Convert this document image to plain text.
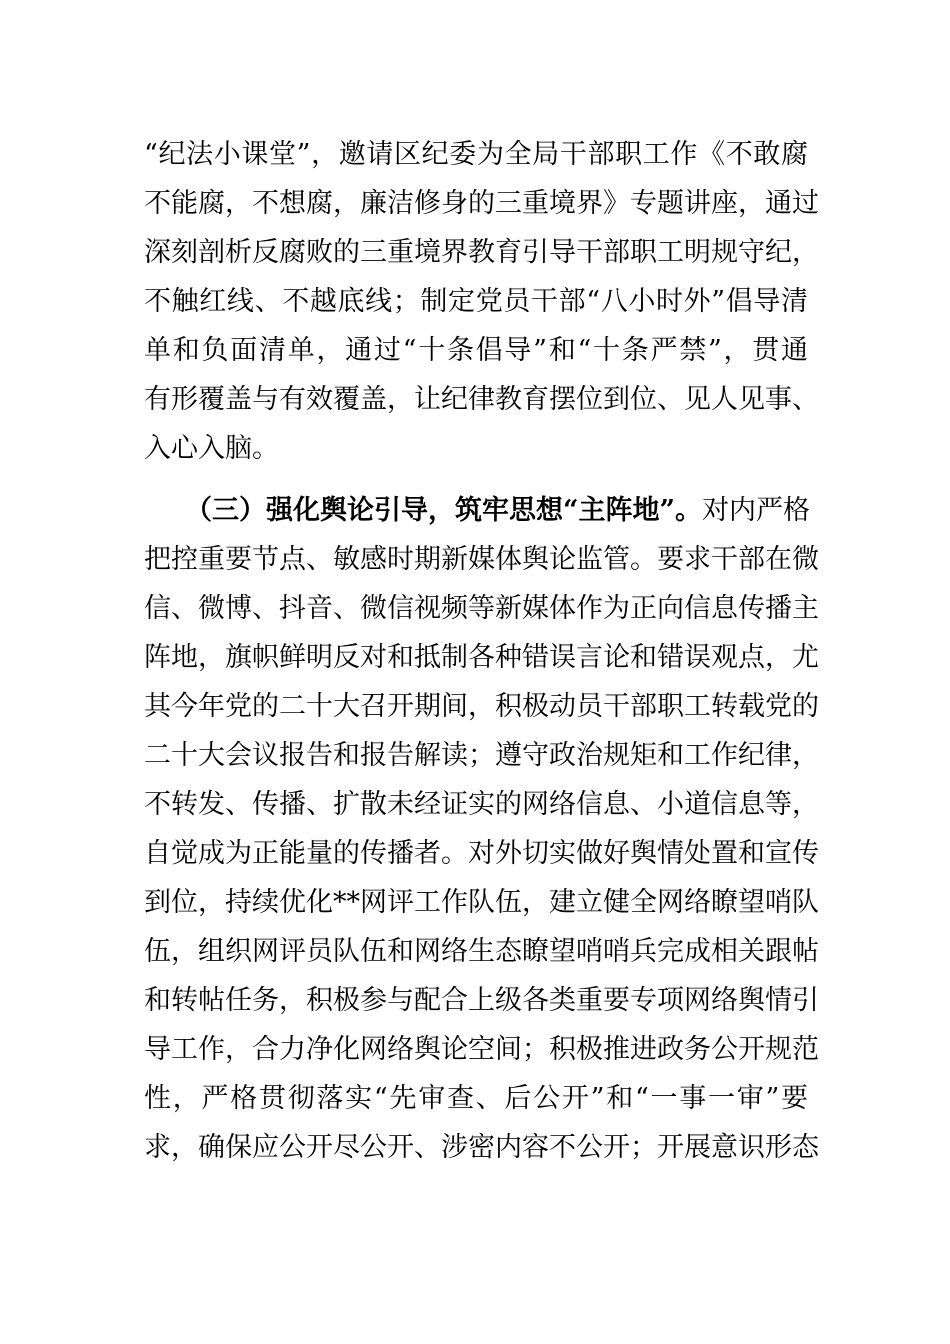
“纪法小课堂”，邀请区纪委为全局干部职工作《不敢腐
不能腐，不想腐，廉洁修身的三重境界》专题讲座，通过
深刻剖析反腐败的三重境界教育引导干部职工明规守纪，
不触红线、不越底线；制定党员干部“八小时外”倡导清
单和负面清单，通过“十条倡导”和“十条严禁”，贯通
有形覆盖与有效覆盖，让纪律教育摆位到位、见人见事、
入心入脑。
（三）强化舆论引导，筑牢思想“主阵地”。对内严格
把控重要节点、敏感时期新媒体舆论监管。要求干部在微
信、微博、抖音、微信视频等新媒体作为正向信息传播主
阵地，旗帜鲜明反对和抵制各种错误言论和错误观点，尤
其今年党的二十大召开期间，积极动员干部职工转载党的
二十大会议报告和报告解读；遵守政治规矩和工作纪律，
不转发、传播、扩散未经证实的网络信息、小道信息等，
自觉成为正能量的传播者。对外切实做好舆情处置和宣传
到位，持续优化**网评工作队伍，建立健全网络瞭望哨队
伍，组织网评员队伍和网络生态瞭望哨哨兵完成相关跟帖
和转帖任务，积极参与配合上级各类重要专项网络舆情引
导工作，合力净化网络舆论空间；积极推进政务公开规范
性，严格贯彻落实“先审查、后公开”和“一事一审”要
求，确保应公开尽公开、涉密内容不公开；开展意识形态
